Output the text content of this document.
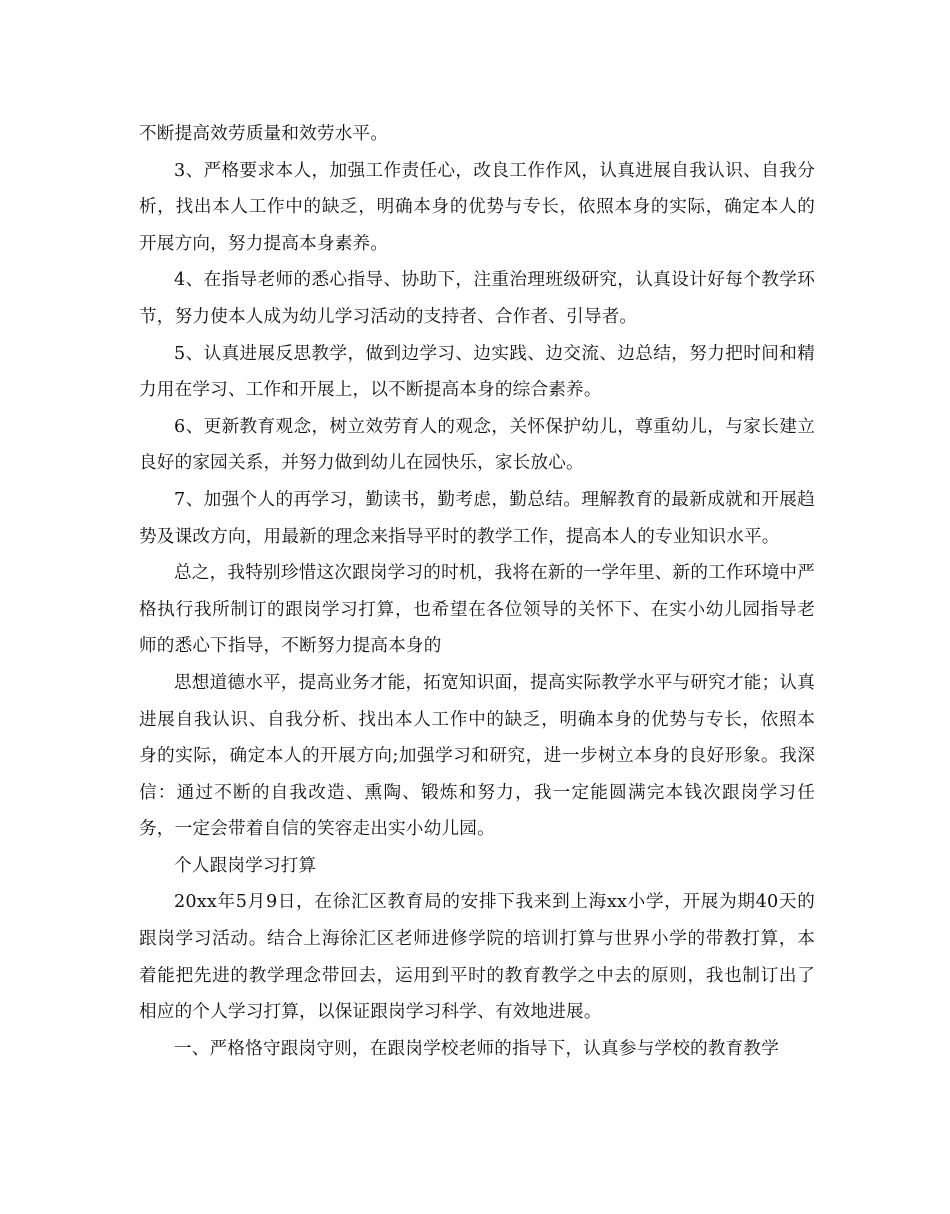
不断提高效劳质量和效劳水平。

3、严格要求本人，加强工作责任心，改良工作作风，认真进展自我认识、自我分析，找出本人工作中的缺乏，明确本身的优势与专长，依照本身的实际，确定本人的开展方向，努力提高本身素养。

4、在指导老师的悉心指导、协助下，注重治理班级研究，认真设计好每个教学环节，努力使本人成为幼儿学习活动的支持者、合作者、引导者。

5、认真进展反思教学，做到边学习、边实践、边交流、边总结，努力把时间和精力用在学习、工作和开展上，以不断提高本身的综合素养。

6、更新教育观念，树立效劳育人的观念，关怀保护幼儿，尊重幼儿，与家长建立良好的家园关系，并努力做到幼儿在园快乐，家长放心。

7、加强个人的再学习，勤读书，勤考虑，勤总结。理解教育的最新成就和开展趋势及课改方向，用最新的理念来指导平时的教学工作，提高本人的专业知识水平。

总之，我特别珍惜这次跟岗学习的时机，我将在新的一学年里、新的工作环境中严格执行我所制订的跟岗学习打算，也希望在各位领导的关怀下、在实小幼儿园指导老师的悉心下指导，不断努力提高本身的

思想道德水平，提高业务才能，拓宽知识面，提高实际教学水平与研究才能；认真进展自我认识、自我分析、找出本人工作中的缺乏，明确本身的优势与专长，依照本身的实际，确定本人的开展方向;加强学习和研究，进一步树立本身的良好形象。我深信：通过不断的自我改造、熏陶、锻炼和努力，我一定能圆满完本钱次跟岗学习任务，一定会带着自信的笑容走出实小幼儿园。

个人跟岗学习打算

20xx年5月9日，在徐汇区教育局的安排下我来到上海xx小学，开展为期40天的跟岗学习活动。结合上海徐汇区老师进修学院的培训打算与世界小学的带教打算，本着能把先进的教学理念带回去，运用到平时的教育教学之中去的原则，我也制订出了相应的个人学习打算，以保证跟岗学习科学、有效地进展。

一、严格恪守跟岗守则，在跟岗学校老师的指导下，认真参与学校的教育教学
